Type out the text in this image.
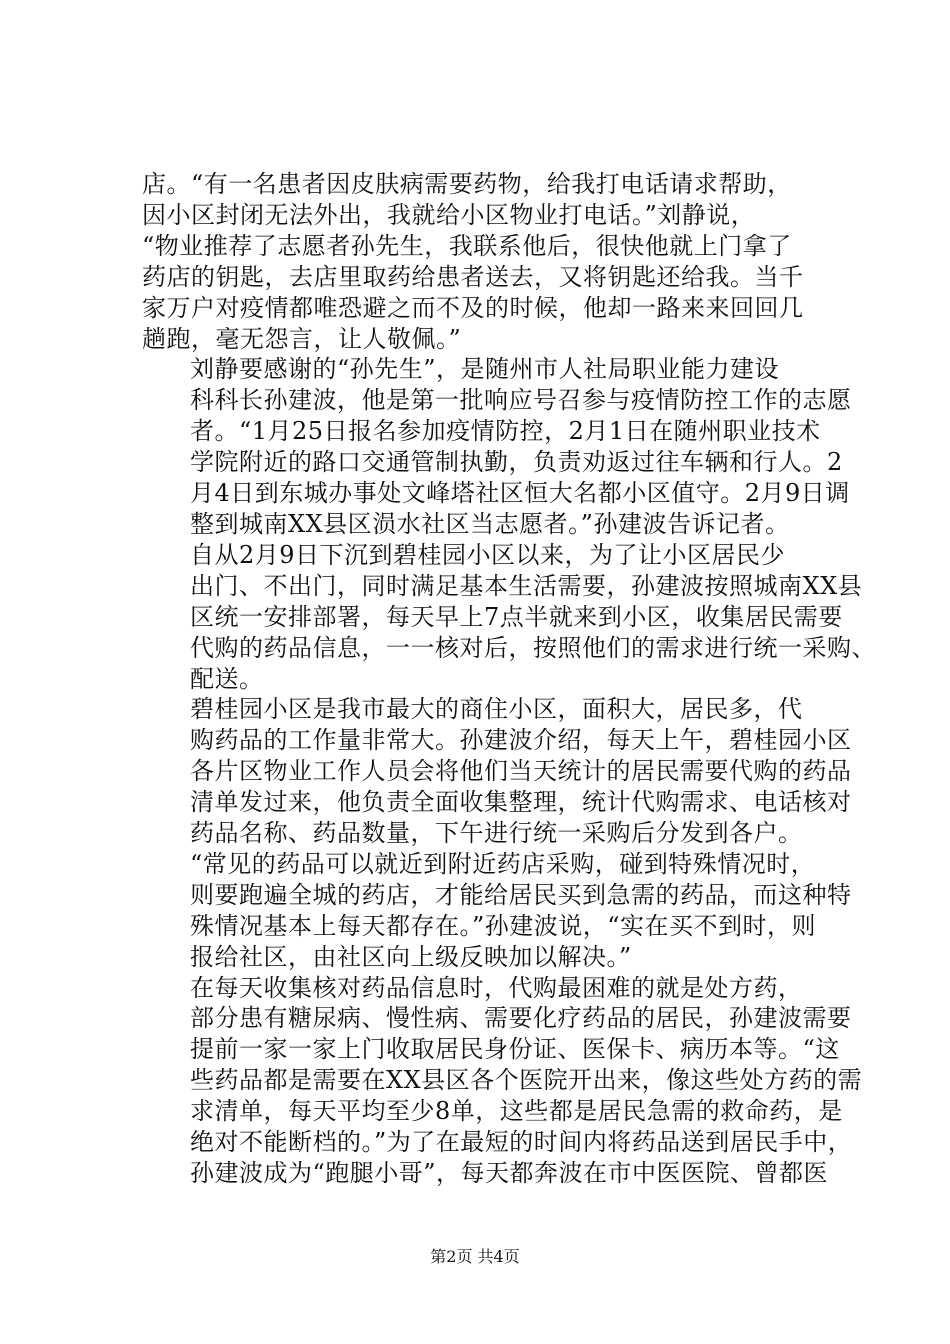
店。“有一名患者因皮肤病需要药物，给我打电话请求帮助，
因小区封闭无法外出，我就给小区物业打电话。”刘静说，
“物业推荐了志愿者孙先生，我联系他后，很快他就上门拿了
药店的钥匙，去店里取药给患者送去，又将钥匙还给我。当千
家万户对疫情都唯恐避之而不及的时候，他却一路来来回回几
趟跑，毫无怨言，让人敬佩。”

刘静要感谢的“孙先生”，是随州市人社局职业能力建设
科科长孙建波，他是第一批响应号召参与疫情防控工作的志愿
者。“1月25日报名参加疫情防控，2月1日在随州职业技术
学院附近的路口交通管制执勤，负责劝返过往车辆和行人。2
月4日到东城办事处文峰塔社区恒大名都小区值守。2月9日调
整到城南XX县区涢水社区当志愿者。”孙建波告诉记者。

自从2月9日下沉到碧桂园小区以来，为了让小区居民少
出门、不出门，同时满足基本生活需要，孙建波按照城南XX县
区统一安排部署，每天早上7点半就来到小区，收集居民需要
代购的药品信息，一一核对后，按照他们的需求进行统一采购、
配送。

碧桂园小区是我市最大的商住小区，面积大，居民多，代
购药品的工作量非常大。孙建波介绍，每天上午，碧桂园小区
各片区物业工作人员会将他们当天统计的居民需要代购的药品
清单发过来，他负责全面收集整理，统计代购需求、电话核对
药品名称、药品数量，下午进行统一采购后分发到各户。

“常见的药品可以就近到附近药店采购，碰到特殊情况时，
则要跑遍全城的药店，才能给居民买到急需的药品，而这种特
殊情况基本上每天都存在。”孙建波说，“实在买不到时，则
报给社区，由社区向上级反映加以解决。”

在每天收集核对药品信息时，代购最困难的就是处方药，
部分患有糖尿病、慢性病、需要化疗药品的居民，孙建波需要
提前一家一家上门收取居民身份证、医保卡、病历本等。“这
些药品都是需要在XX县区各个医院开出来，像这些处方药的需
求清单，每天平均至少8单，这些都是居民急需的救命药，是
绝对不能断档的。”为了在最短的时间内将药品送到居民手中，
孙建波成为“跑腿小哥”，每天都奔波在市中医医院、曾都医

第2页 共4页
